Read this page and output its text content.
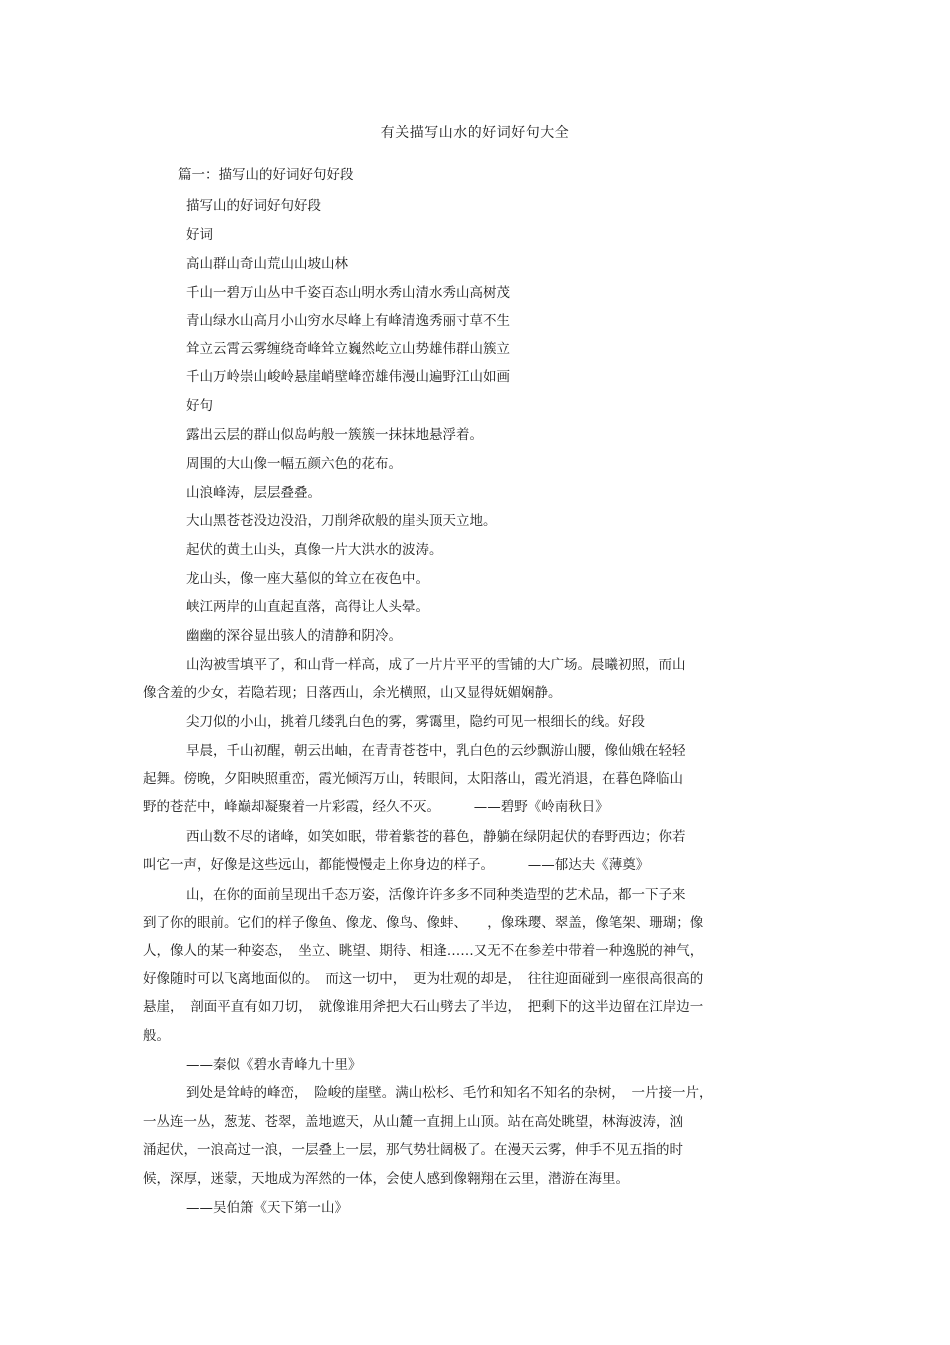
有关描写山水的好词好句大全
篇一：描写山的好词好句好段
描写山的好词好句好段
好词
高山群山奇山荒山山坡山林
千山一碧万山丛中千姿百态山明水秀山清水秀山高树茂
青山绿水山高月小山穷水尽峰上有峰清逸秀丽寸草不生
耸立云霄云雾缠绕奇峰耸立巍然屹立山势雄伟群山簇立
千山万岭崇山峻岭悬崖峭壁峰峦雄伟漫山遍野江山如画
好句
露出云层的群山似岛屿般一簇簇一抹抹地悬浮着。
周围的大山像一幅五颜六色的花布。
山浪峰涛，层层叠叠。
大山黑苍苍没边没沿，刀削斧砍般的崖头顶天立地。
起伏的黄土山头，真像一片大洪水的波涛。
龙山头，像一座大墓似的耸立在夜色中。
峡江两岸的山直起直落，高得让人头晕。
幽幽的深谷显出骇人的清静和阴冷。
山沟被雪填平了，和山背一样高，成了一片片平平的雪铺的大广场。晨曦初照，而山
像含羞的少女，若隐若现；日落西山，余光横照，山又显得妩媚娴静。
尖刀似的小山，挑着几缕乳白色的雾，雾霭里，隐约可见一根细长的线。好段
早晨，千山初醒，朝云出岫，在青青苍苍中，乳白色的云纱飘游山腰，像仙娥在轻轻
起舞。傍晚，夕阳映照重峦，霞光倾泻万山，转眼间，太阳落山，霞光消退，在暮色降临山
野的苍茫中，峰巅却凝聚着一片彩霞，经久不灭。　　　——碧野《岭南秋日》
西山数不尽的诸峰，如笑如眠，带着紫苍的暮色，静躺在绿阴起伏的春野西边；你若
叫它一声，好像是这些远山，都能慢慢走上你身边的样子。　　　——郁达夫《薄奠》
山，在你的面前呈现出千态万姿，活像许许多多不同种类造型的艺术品，都一下子来
到了你的眼前。它们的样子像鱼、像龙、像鸟、像蚌、　　，像珠璎、翠盖，像笔架、珊瑚；像
人，像人的某一种姿态，　坐立、眺望、期待、相逢……又无不在参差中带着一种逸脱的神气，
好像随时可以飞离地面似的。　而这一切中，　更为壮观的却是，　往往迎面碰到一座很高很高的
悬崖，　剖面平直有如刀切，　就像谁用斧把大石山劈去了半边，　把剩下的这半边留在江岸边一
般。
——秦似《碧水青峰九十里》
到处是耸峙的峰峦，　险峻的崖壁。满山松杉、毛竹和知名不知名的杂树，　一片接一片，
一丛连一丛，葱茏、苍翠，盖地遮天，从山麓一直拥上山顶。站在高处眺望，林海波涛，汹
涌起伏，一浪高过一浪，一层叠上一层，那气势壮阔极了。在漫天云雾，伸手不见五指的时
候，深厚，迷蒙，天地成为浑然的一体，会使人感到像翱翔在云里，潜游在海里。
——吴伯箫《天下第一山》
